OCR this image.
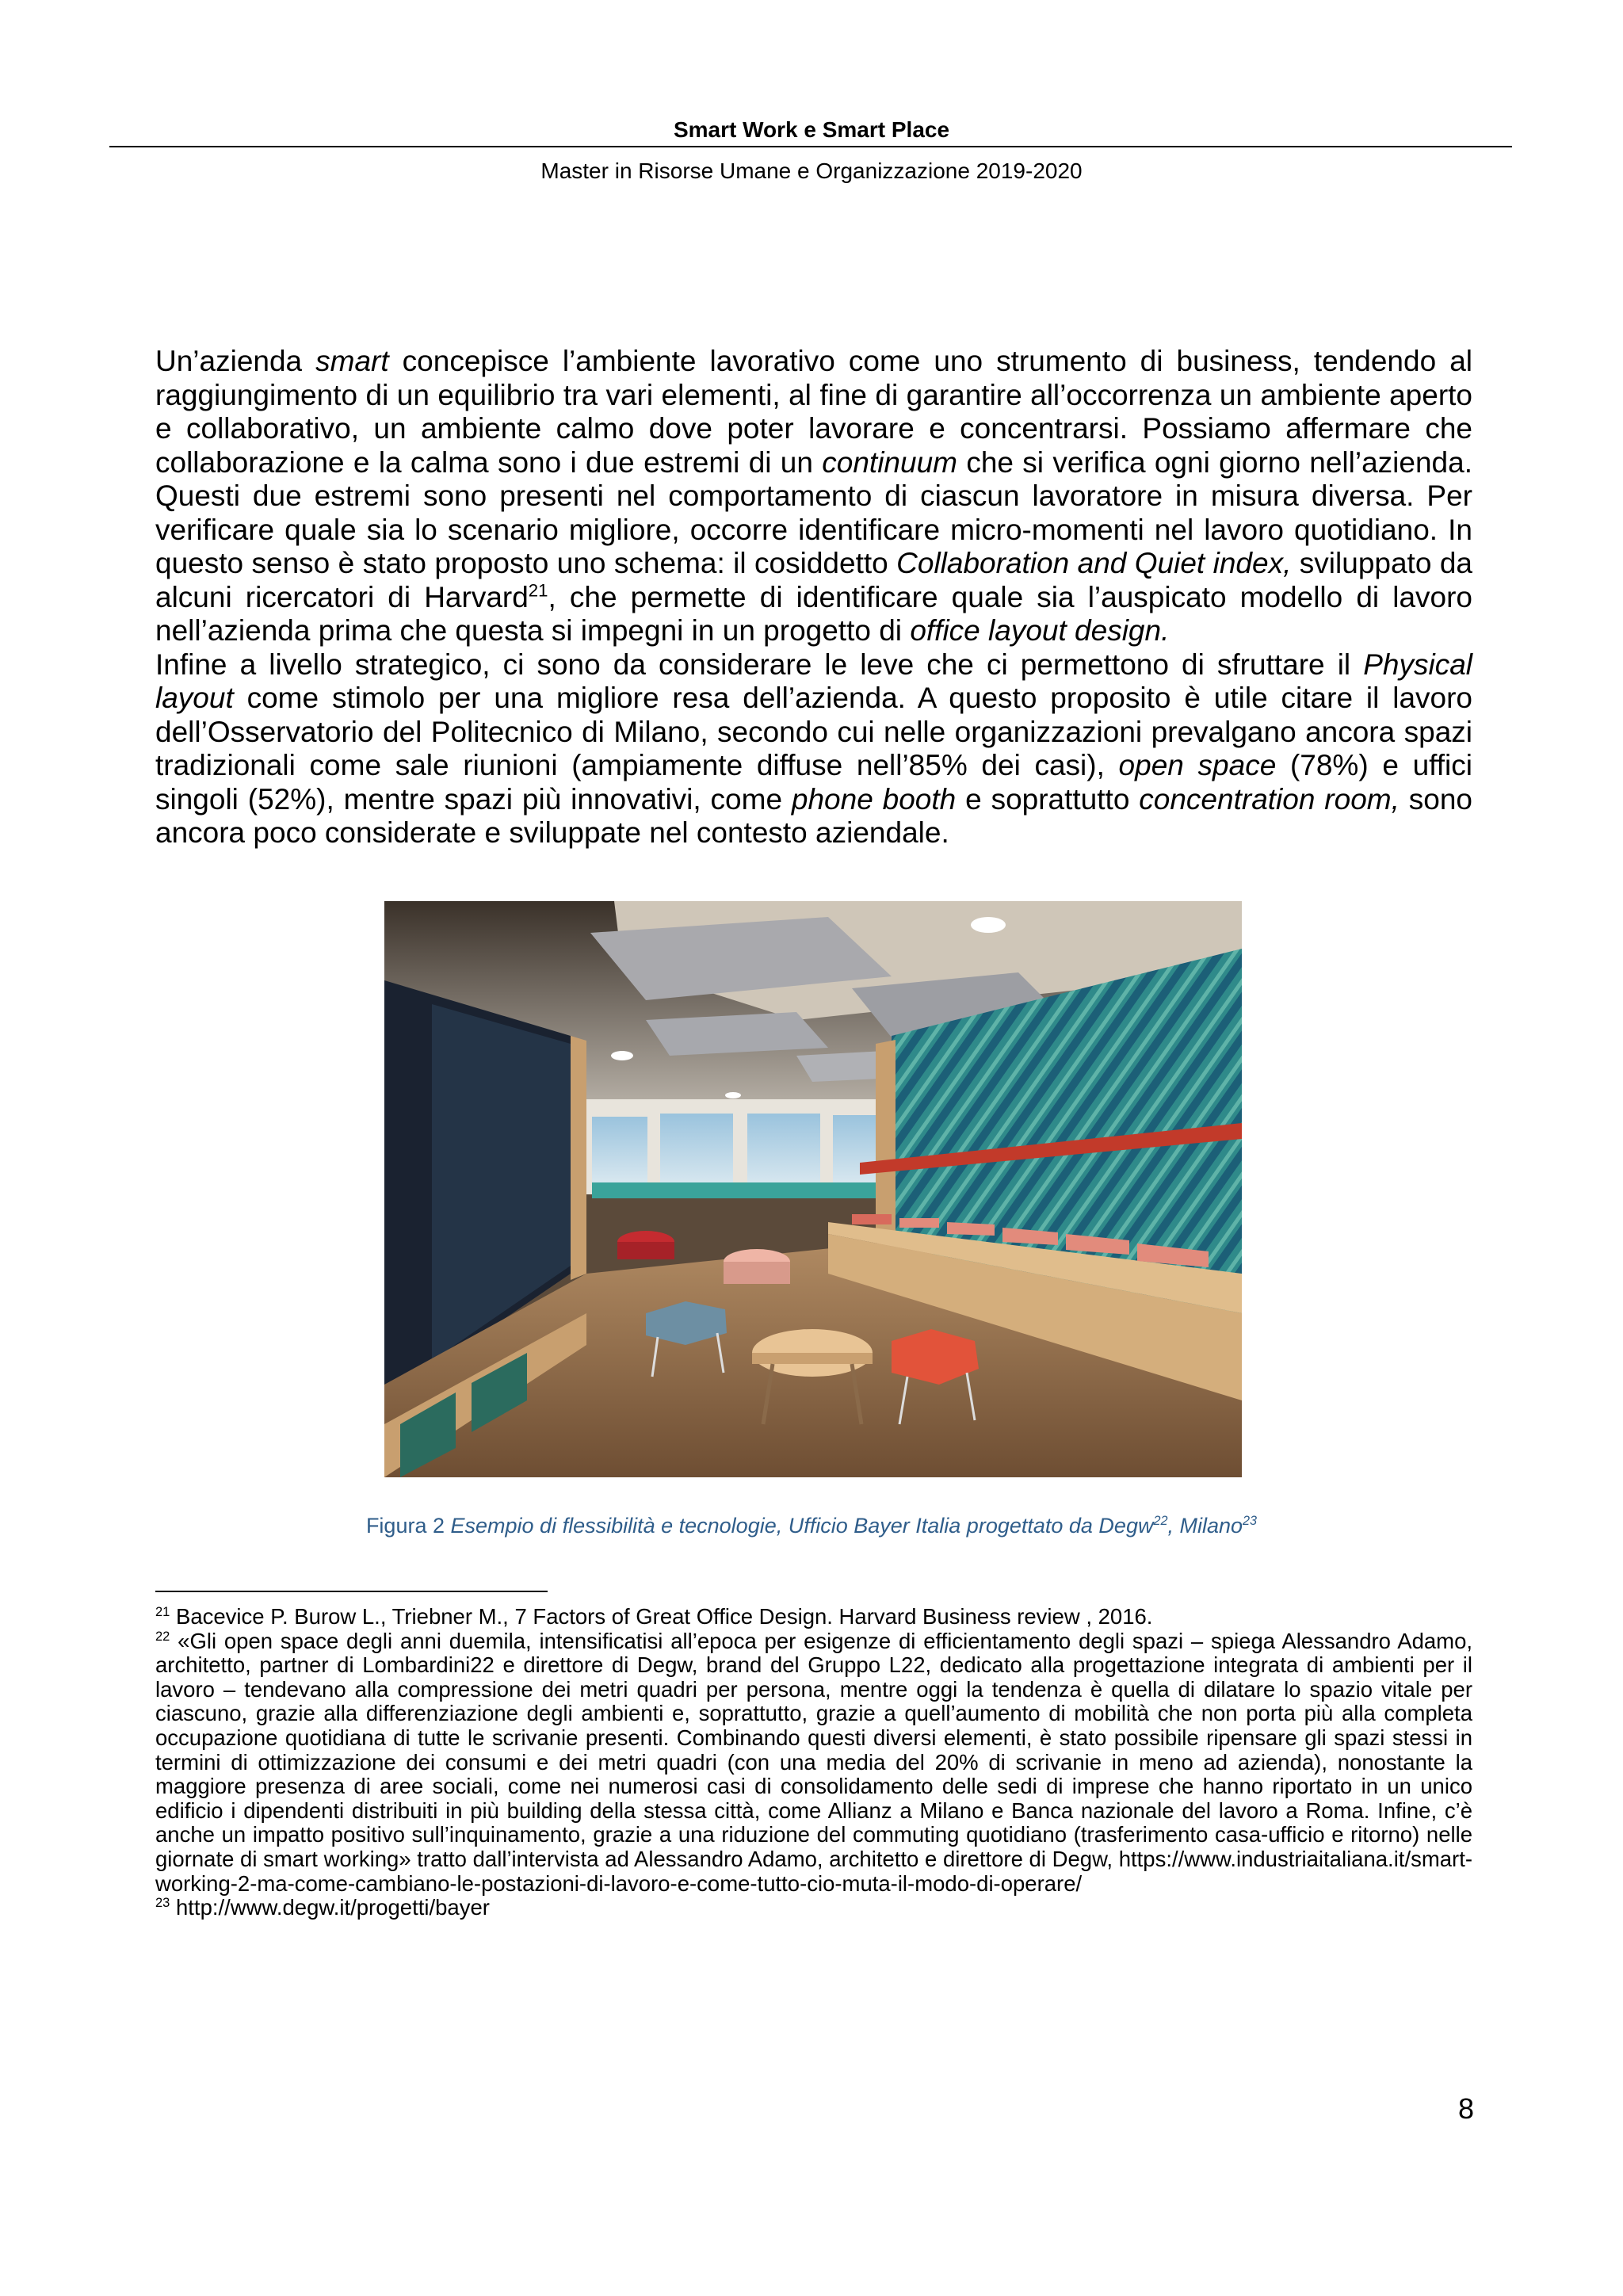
Smart Work e Smart Place
Master in Risorse Umane e Organizzazione 2019-2020

Un’azienda smart concepisce l’ambiente lavorativo come uno strumento di business, tendendo al raggiungimento di un equilibrio tra vari elementi, al fine di garantire all’occorrenza un ambiente aperto e collaborativo, un ambiente calmo dove poter lavorare e concentrarsi. Possiamo affermare che collaborazione e la calma sono i due estremi di un continuum che si verifica ogni giorno nell’azienda. Questi due estremi sono presenti nel comportamento di ciascun lavoratore in misura diversa. Per verificare quale sia lo scenario migliore, occorre identificare micro-momenti nel lavoro quotidiano. In questo senso è stato proposto uno schema: il cosiddetto Collaboration and Quiet index, sviluppato da alcuni ricercatori di Harvard$^{21}$, che permette di identificare quale sia l’auspicato modello di lavoro nell’azienda prima che questa si impegni in un progetto di office layout design.

Infine a livello strategico, ci sono da considerare le leve che ci permettono di sfruttare il Physical layout come stimolo per una migliore resa dell’azienda. A questo proposito è utile citare il lavoro dell’Osservatorio del Politecnico di Milano, secondo cui nelle organizzazioni prevalgano ancora spazi tradizionali come sale riunioni (ampiamente diffuse nell’85% dei casi), open space (78%) e uffici singoli (52%), mentre spazi più innovativi, come phone booth e soprattutto concentration room, sono ancora poco considerate e sviluppate nel contesto aziendale.

Figura 2 Esempio di flessibilità e tecnologie, Ufficio Bayer Italia progettato da Degw$^{22}$, Milano$^{23}$

$^{21}$ Bacevice P. Burow L., Triebner M., 7 Factors of Great Office Design. Harvard Business review , 2016.

$^{22}$ «Gli open space degli anni duemila, intensificatisi all’epoca per esigenze di efficientamento degli spazi – spiega Alessandro Adamo, architetto, partner di Lombardini22 e direttore di Degw, brand del Gruppo L22, dedicato alla progettazione integrata di ambienti per il lavoro – tendevano alla compressione dei metri quadri per persona, mentre oggi la tendenza è quella di dilatare lo spazio vitale per ciascuno, grazie alla differenziazione degli ambienti e, soprattutto, grazie a quell’aumento di mobilità che non porta più alla completa occupazione quotidiana di tutte le scrivanie presenti. Combinando questi diversi elementi, è stato possibile ripensare gli spazi stessi in termini di ottimizzazione dei consumi e dei metri quadri (con una media del 20% di scrivanie in meno ad azienda), nonostante la maggiore presenza di aree sociali, come nei numerosi casi di consolidamento delle sedi di imprese che hanno riportato in un unico edificio i dipendenti distribuiti in più building della stessa città, come Allianz a Milano e Banca nazionale del lavoro a Roma. Infine, c’è anche un impatto positivo sull’inquinamento, grazie a una riduzione del commuting quotidiano (trasferimento casa-ufficio e ritorno) nelle giornate di smart working» tratto dall’intervista ad Alessandro Adamo, architetto e direttore di Degw, https://www.industriaitaliana.it/smart-working-2-ma-come-cambiano-le-postazioni-di-lavoro-e-come-tutto-cio-muta-il-modo-di-operare/

$^{23}$ http://www.degw.it/progetti/bayer

8
